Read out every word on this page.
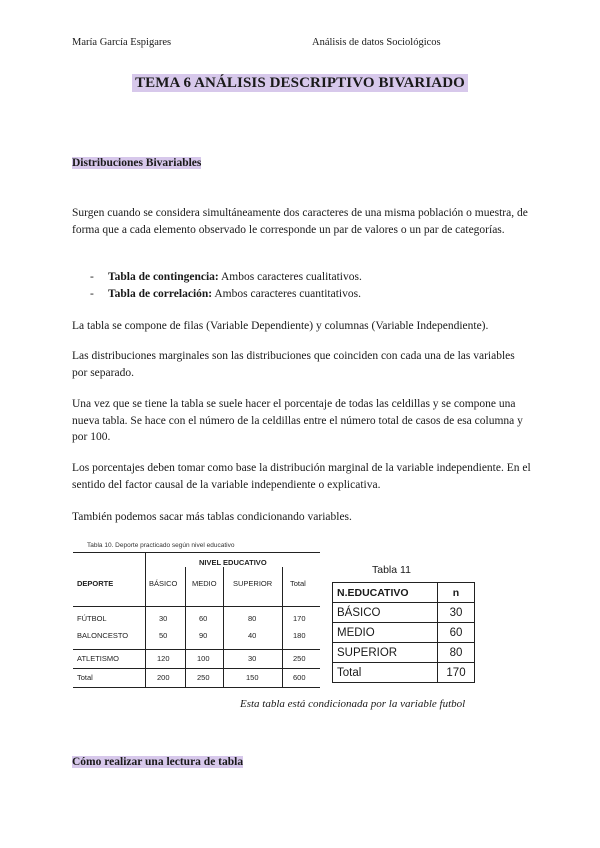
María García Espigares	Análisis de datos Sociológicos
TEMA 6 ANÁLISIS DESCRIPTIVO BIVARIADO
Distribuciones Bivariables

Surgen cuando se considera simultáneamente dos caracteres de una misma población o muestra, de forma que a cada elemento observado le corresponde un par de valores o un par de categorías.

- Tabla de contingencia: Ambos caracteres cualitativos.
- Tabla de correlación: Ambos caracteres cuantitativos.

La tabla se compone de filas (Variable Dependiente) y columnas (Variable Independiente).

Las distribuciones marginales son las distribuciones que coinciden con cada una de las variables por separado.

Una vez que se tiene la tabla se suele hacer el porcentaje de todas las celdillas y se compone una nueva tabla. Se hace con el número de la celdillas entre el número total de casos de esa columna y por 100.

Los porcentajes deben tomar como base la distribución marginal de la variable independiente. En el sentido del factor causal de la variable independiente o explicativa.

También podemos sacar más tablas condicionando variables.

Tabla 10. Deporte practicado según nivel educativo
NIVEL EDUCATIVO
DEPORTE	BÁSICO MEDIO SUPERIOR Total
FÚTBOL	30	60	80	170
BALONCESTO	50	90	40	180
ATLETISMO	120	100	30	250
Total	200	250	150	600
Tabla 11
N.EDUCATIVO	n
BÁSICO	30
MEDIO	60
SUPERIOR	80
Total	170
Esta tabla está condicionada por la variable futbol
Cómo realizar una lectura de tabla
